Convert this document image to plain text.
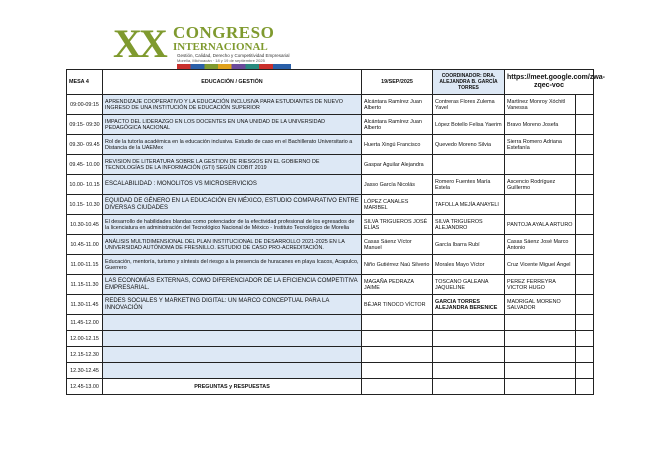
XX CONGRESO
INTERNACIONAL
Gestión, Calidad, Derecho y Competitividad Empresarial
Morelia, Michoacán · 18 y 19 de septiembre 2025
MESA 4	EDUCACIÓN / GESTIÓN	19/SEP/2025	COORDINADOR: DRA. ALEJANDRA B. GARCÍA TORRES	https://meet.google.com/zwa-zqec-voc	
09:00-09:15	APRENDIZAJE COOPERATIVO Y LA EDUCACIÓN INCLUSIVA PARA ESTUDIANTES DE NUEVO INGRESO DE UNA INSTITUCIÓN DE EDUCACIÓN SUPERIOR	Alcántara Ramírez Juan Alberto	Contreras Flores Zulema Yavel	Martínez Monroy Xóchitl Vanessa	
09:15- 09:30	IMPACTO DEL LIDERAZGO EN LOS DOCENTES EN UNA UNIDAD DE LA UNIVERSIDAD PEDAGÓGICA NACIONAL	Alcántara Ramírez Juan Alberto	López Botello Felisa Yaerim	Bravo Moreno Josefa	
09.30- 09.45	Rol de la tutoría académica en la educación inclusiva. Estudio de caso en el Bachillerato Universitario a Distancia de la UAEMex	Huerta Xingú Francisco	Quevedo Moreno Silvia	Sierra Romero Adriana Estefanía	
09.45- 10.00	REVISION DE LITERATURA SOBRE LA GESTION DE RIESGOS EN EL GOBIERNO DE TECNOLOGÍAS DE LA INFORMACIÓN (GTI) SEGÚN COBIT 2019	Gaspar Aguilar Alejandra			
10.00- 10.15	ESCALABILIDAD : MONOLITOS VS MICROSERVICIOS	Jasso García Nicolás	Romero Fuentes María Estela	Ascencio Rodríguez Guillermo	
10.15- 10.30	EQUIDAD DE GÉNERO EN LA EDUCACIÓN EN MÉXICO, ESTUDIO COMPARATIVO ENTRE DIVERSAS CIUDADES	LÓPEZ CANALES MARIBEL	TAFOLLA MEJÍA ANAYELI		
10.30-10.45	El desarrollo de habilidades blandas como potenciador de la efectividad profesional de los egresados de la licenciatura en administración del Tecnológico Nacional de México - Instituto Tecnológico de Morelia	SILVA TRIGUEROS JOSÉ ELÍAS	SILVA TRIGUEROS ALEJANDRO	PANTOJA AYALA ARTURO	
10.45-11.00	ANÁLISIS MULTIDIMENSIONAL DEL PLAN INSTITUCIONAL DE DESARROLLO 2021-2025 EN LA UNIVERSIDAD AUTÓNOMA DE FRESNILLO. ESTUDIO DE CASO PRO-ACREDITACIÓN.	Casas Sáenz Víctor Manuel	García Ibarra Rubí	Casas Sáenz José Marco Antonio	
11.00-11.15	Educación, mentoría, turismo y síntesis del riesgo a la presencia de huracanes en playa Icacos, Acapulco, Guerrero	Niño Gutiérrez Naú Silverio	Morales Mayo Víctor	Cruz Vicente Miguel Ángel	
11.15-11.30	LAS ECONOMÍAS EXTERNAS, COMO DIFERENCIADOR DE LA EFICIENCIA COMPETITIVA EMPRESARIAL.	MAGAÑA PEDRAZA JAIME	TOSCANO GALEANA JAQUELINE	PEREZ FERREYRA VICTOR HUGO	
11.30-11.45	REDES SOCIALES Y MARKETING DIGITAL: UN MARCO CONCEPTUAL PARA LA INNOVACIÓN	BÉJAR TINOCO VÍCTOR	GARCIA TORRES ALEJANDRA BERENICE	MADRIGAL MORENO SALVADOR	
11.45-12.00					
12.00-12.15					
12.15-12.30					
12.30-12.45					
12.45-13.00	PREGUNTAS y RESPUESTAS				
